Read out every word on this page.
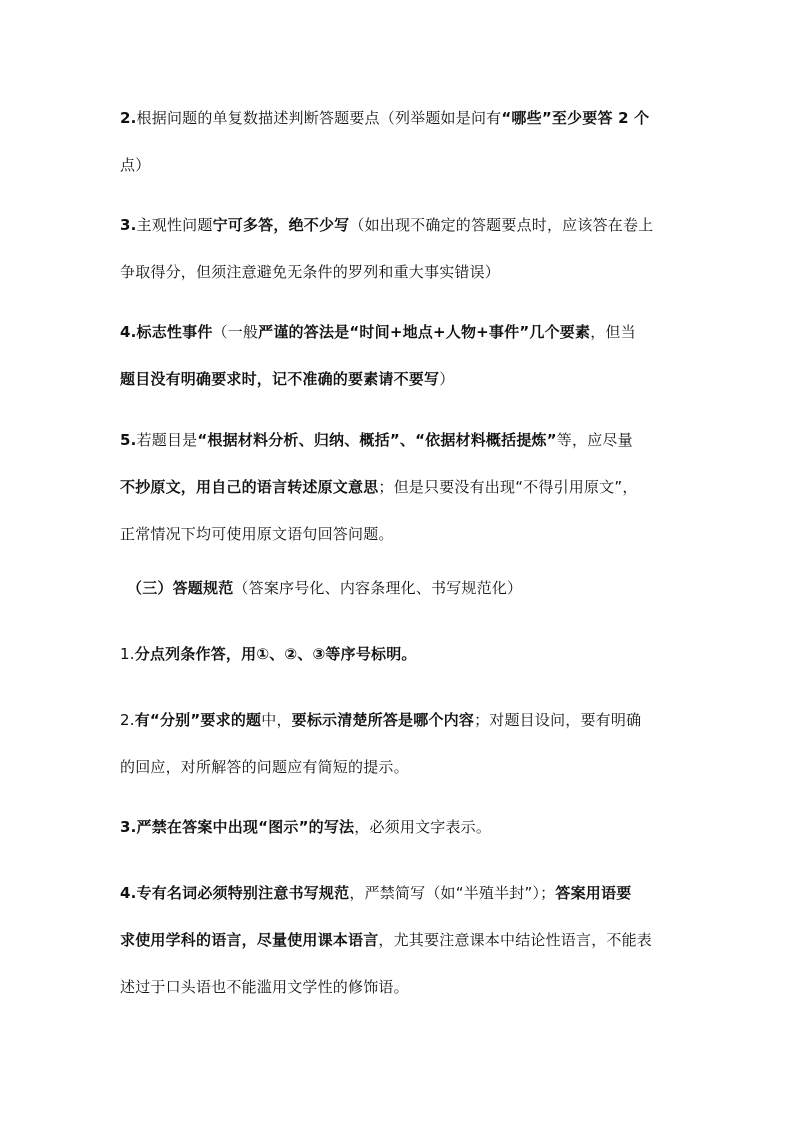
2.根据问题的单复数描述判断答题要点（列举题如是问有“哪些”至少要答 2 个
点）
3.主观性问题宁可多答，绝不少写（如出现不确定的答题要点时，应该答在卷上
争取得分，但须注意避免无条件的罗列和重大事实错误）
4.标志性事件（一般严谨的答法是“时间+地点+人物+事件”几个要素，但当
题目没有明确要求时，记不准确的要素请不要写）
5.若题目是“根据材料分析、归纳、概括”、“依据材料概括提炼”等，应尽量
不抄原文，用自己的语言转述原文意思；但是只要没有出现“不得引用原文”，
正常情况下均可使用原文语句回答问题。
（三）答题规范（答案序号化、内容条理化、书写规范化）
1.分点列条作答，用①、②、③等序号标明。
2.有“分别”要求的题中，要标示清楚所答是哪个内容；对题目设问，要有明确
的回应，对所解答的问题应有简短的提示。
3.严禁在答案中出现“图示”的写法，必须用文字表示。
4.专有名词必须特别注意书写规范，严禁简写（如“半殖半封”）；答案用语要
求使用学科的语言，尽量使用课本语言，尤其要注意课本中结论性语言，不能表
述过于口头语也不能滥用文学性的修饰语。
